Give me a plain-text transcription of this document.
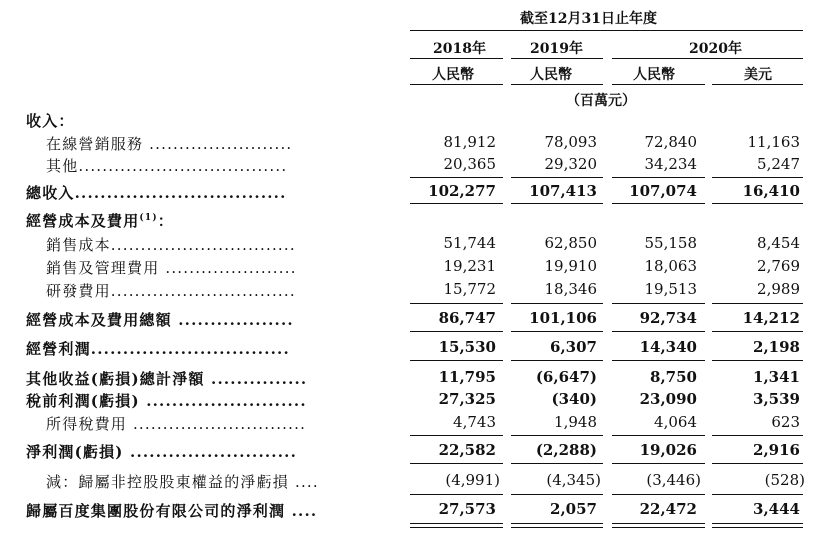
截至12月31日止年度
2018年	2019年	2020年
人民幣	人民幣	人民幣	美元
（百萬元）
收入：
在線營銷服務 ........................	81,912	78,093	72,840	11,163
其他...................................	20,365	29,320	34,234	5,247
總收入.................................	102,277 107,413 107,074	16,410
經營成本及費用$^{(1)}$：
銷售成本...............................	51,744	62,850	55,158	8,454
銷售及管理費用 ......................	19,231	19,910	18,063	2,769
研發費用...............................	15,772	18,346	19,513	2,989
經營成本及費用總額 ..................	86,747 101,106	92,734	14,212
經營利潤...............................	15,530	6,307	14,340	2,198
其他收益(虧損)總計淨額 ...............	11,795	(6,647)	8,750	1,341
稅前利潤(虧損) .........................	27,325	(340)	23,090	3,539
所得稅費用 .............................	4,743	1,948	4,064	623
淨利潤(虧損) ..........................	22,582	(2,288)	19,026	2,916
減：歸屬非控股股東權益的淨虧損 ....	(4,991)	(4,345)	(3,446)	(528)
歸屬百度集團股份有限公司的淨利潤 ....	27,573	2,057	22,472	3,444
